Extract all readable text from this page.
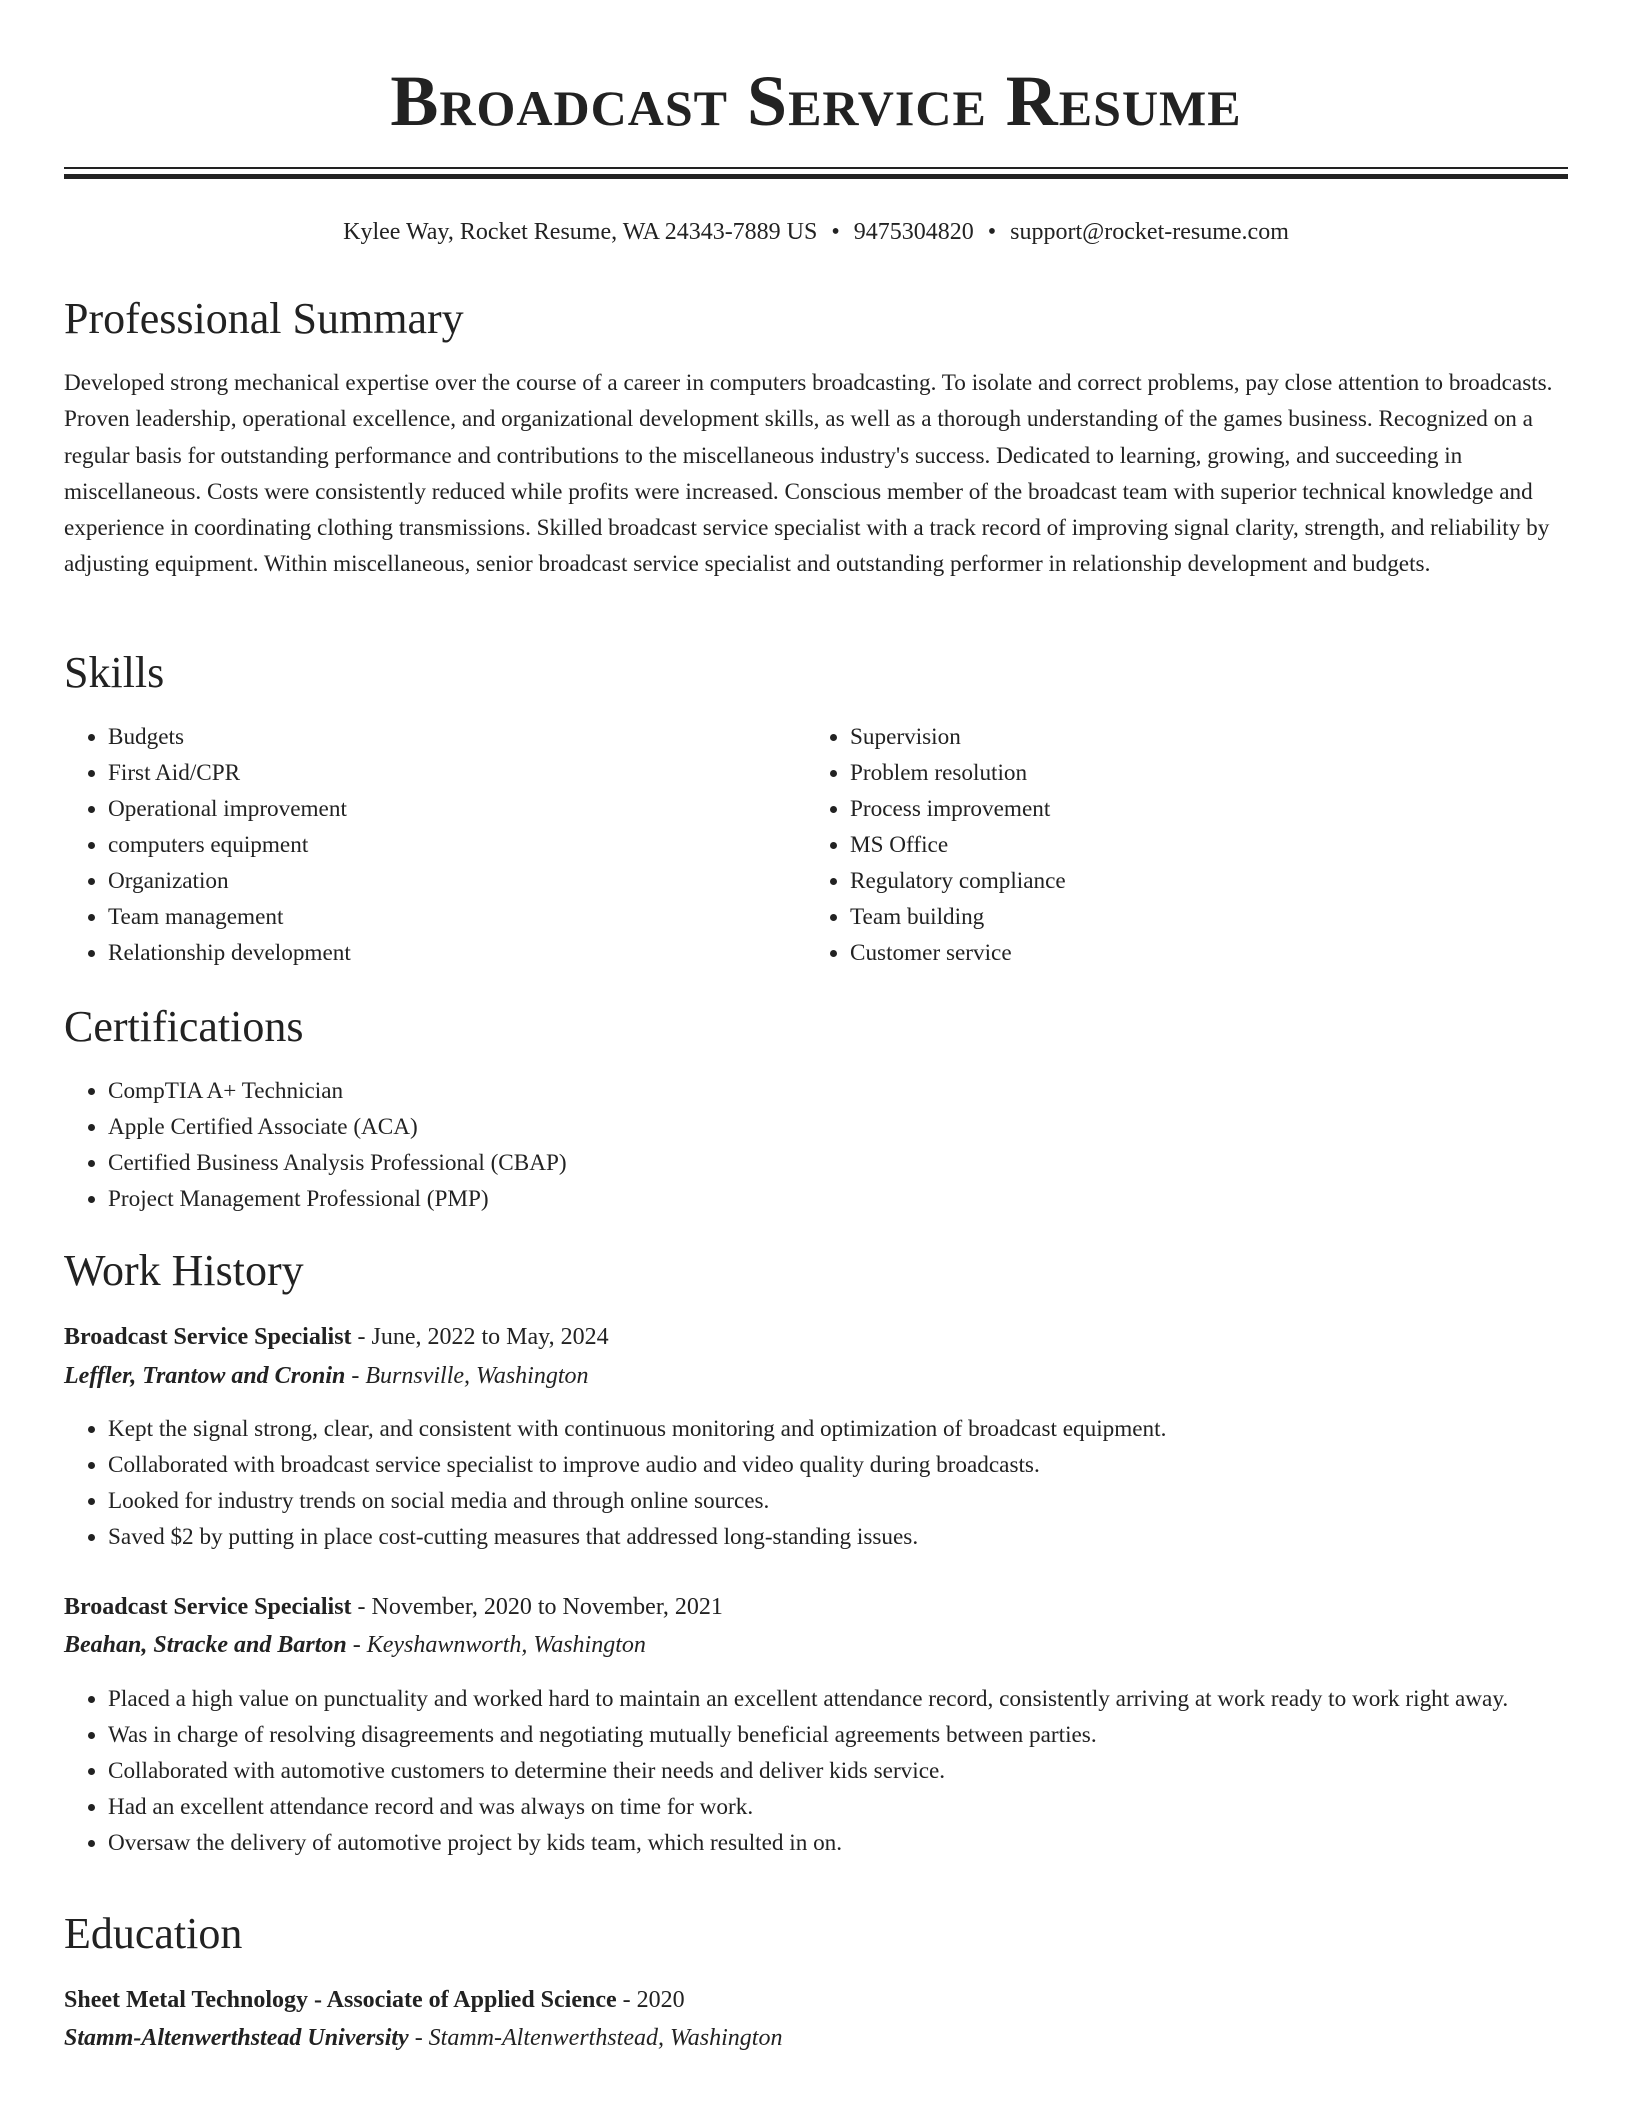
Broadcast Service Resume
Kylee Way, Rocket Resume, WA 24343-7889 US • 9475304820 • support@rocket-resume.com
Professional Summary

Developed strong mechanical expertise over the course of a career in computers broadcasting. To isolate and correct problems, pay close attention to broadcasts. Proven leadership, operational excellence, and organizational development skills, as well as a thorough understanding of the games business. Recognized on a regular basis for outstanding performance and contributions to the miscellaneous industry's success. Dedicated to learning, growing, and succeeding in miscellaneous. Costs were consistently reduced while profits were increased. Conscious member of the broadcast team with superior technical knowledge and experience in coordinating clothing transmissions. Skilled broadcast service specialist with a track record of improving signal clarity, strength, and reliability by adjusting equipment. Within miscellaneous, senior broadcast service specialist and outstanding performer in relationship development and budgets.

Skills
• Budgets
• First Aid/CPR
• Operational improvement
• computers equipment
• Organization
• Team management
• Relationship development
• Supervision
• Problem resolution
• Process improvement
• MS Office
• Regulatory compliance
• Team building
• Customer service
Certifications
• CompTIA A+ Technician
• Apple Certified Associate (ACA)
• Certified Business Analysis Professional (CBAP)
• Project Management Professional (PMP)
Work History
Broadcast Service Specialist - June, 2022 to May, 2024
Leffler, Trantow and Cronin - Burnsville, Washington
• Kept the signal strong, clear, and consistent with continuous monitoring and optimization of broadcast equipment.
• Collaborated with broadcast service specialist to improve audio and video quality during broadcasts.
• Looked for industry trends on social media and through online sources.
• Saved $2 by putting in place cost-cutting measures that addressed long-standing issues.
Broadcast Service Specialist - November, 2020 to November, 2021
Beahan, Stracke and Barton - Keyshawnworth, Washington
• Placed a high value on punctuality and worked hard to maintain an excellent attendance record, consistently arriving at work ready to work right away.
• Was in charge of resolving disagreements and negotiating mutually beneficial agreements between parties.
• Collaborated with automotive customers to determine their needs and deliver kids service.
• Had an excellent attendance record and was always on time for work.
• Oversaw the delivery of automotive project by kids team, which resulted in on.
Education
Sheet Metal Technology - Associate of Applied Science - 2020
Stamm-Altenwerthstead University - Stamm-Altenwerthstead, Washington
